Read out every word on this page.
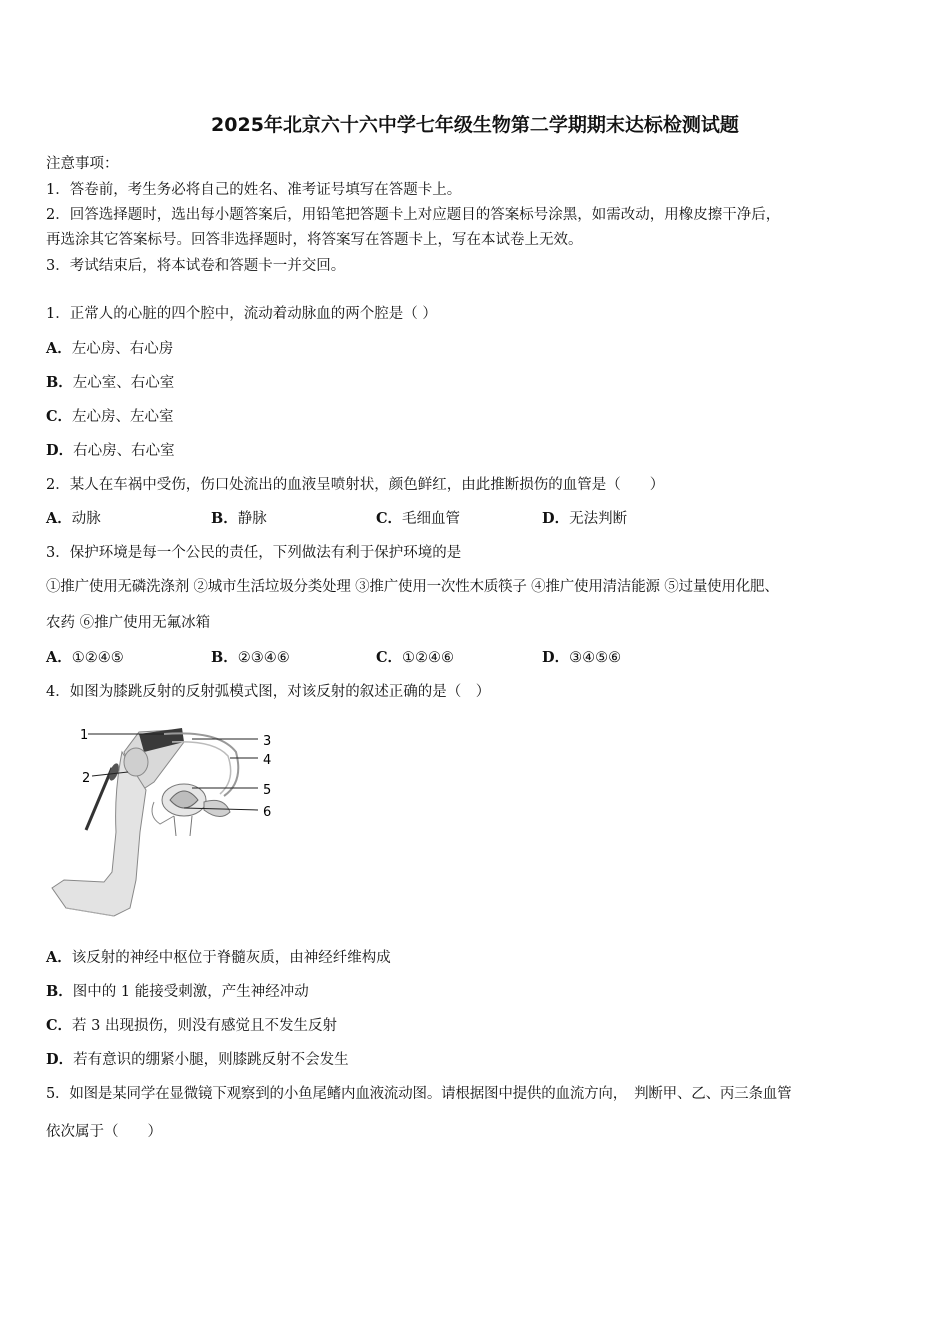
2025年北京六十六中学七年级生物第二学期期末达标检测试题
注意事项：
1．答卷前，考生务必将自己的姓名、准考证号填写在答题卡上。
2．回答选择题时，选出每小题答案后，用铅笔把答题卡上对应题目的答案标号涂黑，如需改动，用橡皮擦干净后，
再选涂其它答案标号。回答非选择题时，将答案写在答题卡上，写在本试卷上无效。
3．考试结束后，将本试卷和答题卡一并交回。
1．正常人的心脏的四个腔中，流动着动脉血的两个腔是（ ）
A．左心房、右心房
B．左心室、右心室
C．左心房、左心室
D．右心房、右心室
2．某人在车祸中受伤，伤口处流出的血液呈喷射状，颜色鲜红，由此推断损伤的血管是（　　）
A．动脉	B．静脉	C．毛细血管	D．无法判断
3．保护环境是每一个公民的责任，下列做法有利于保护环境的是
①推广使用无磷洗涤剂 ②城市生活垃圾分类处理 ③推广使用一次性木质筷子 ④推广使用清洁能源 ⑤过量使用化肥、
农药 ⑥推广使用无氟冰箱
A．①②④⑤	B．②③④⑥	C．①②④⑥	D．③④⑤⑥
4．如图为膝跳反射的反射弧模式图，对该反射的叙述正确的是（　）
1
2
3
4
5
6
A．该反射的神经中枢位于脊髓灰质，由神经纤维构成
B．图中的 1 能接受刺激，产生神经冲动
C．若 3 出现损伤，则没有感觉且不发生反射
D．若有意识的绷紧小腿，则膝跳反射不会发生
5．如图是某同学在显微镜下观察到的小鱼尾鳍内血液流动图。请根据图中提供的血流方向，　判断甲、乙、丙三条血管
依次属于（　　）
